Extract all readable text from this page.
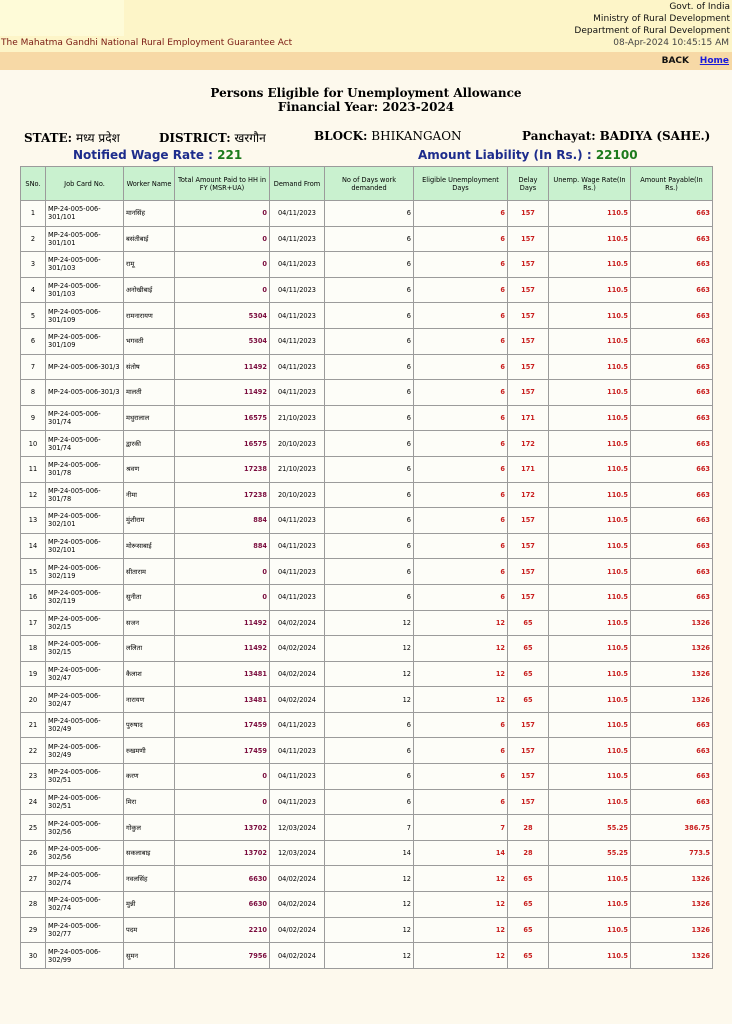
Govt. of India
Ministry of Rural Development
Department of Rural Development
The Mahatma Gandhi National Rural Employment Guarantee Act	08-Apr-2024 10:45:15 AM
BACK Home
Persons Eligible for Unemployment Allowance
Financial Year: 2023-2024
STATE: मध्य प्रदेश	DISTRICT: खरगौन	BLOCK: BHIKANGAON	Panchayat: BADIYA (SAHE.)
Notified Wage Rate : 221	Amount Liability (In Rs.) : 22100
SNo.	Job Card No.	Worker Name	Total Amount Paid to HH in FY (MSR+UA)	Demand From	No of Days work demanded	Eligible Unemployment Days	Delay Days	Unemp. Wage Rate(In Rs.)	Amount Payable(In Rs.)
1	MP-24-005-006-301/101	मानसिंह	0	04/11/2023	6	6	157	110.5	663
2	MP-24-005-006-301/101	बसंतीबाई	0	04/11/2023	6	6	157	110.5	663
3	MP-24-005-006-301/103	रामू	0	04/11/2023	6	6	157	110.5	663
4	MP-24-005-006-301/103	अनोखीबाई	0	04/11/2023	6	6	157	110.5	663
5	MP-24-005-006-301/109	रामनारायण	5304	04/11/2023	6	6	157	110.5	663
6	MP-24-005-006-301/109	भगवती	5304	04/11/2023	6	6	157	110.5	663
7	MP-24-005-006-301/3	संतोष	11492	04/11/2023	6	6	157	110.5	663
8	MP-24-005-006-301/3	मालती	11492	04/11/2023	6	6	157	110.5	663
9	MP-24-005-006-301/74	मथुरालाल	16575	21/10/2023	6	6	171	110.5	663
10	MP-24-005-006-301/74	द्वारकी	16575	20/10/2023	6	6	172	110.5	663
11	MP-24-005-006-301/78	श्रवण	17238	21/10/2023	6	6	171	110.5	663
12	MP-24-005-006-301/78	नीमा	17238	20/10/2023	6	6	172	110.5	663
13	MP-24-005-006-302/101	मुंशीराम	884	04/11/2023	6	6	157	110.5	663
14	MP-24-005-006-302/101	मोरूसाबाई	884	04/11/2023	6	6	157	110.5	663
15	MP-24-005-006-302/119	सीताराम	0	04/11/2023	6	6	157	110.5	663
16	MP-24-005-006-302/119	सुनीता	0	04/11/2023	6	6	157	110.5	663
17	MP-24-005-006-302/15	सजन	11492	04/02/2024	12	12	65	110.5	1326
18	MP-24-005-006-302/15	ललिता	11492	04/02/2024	12	12	65	110.5	1326
19	MP-24-005-006-302/47	कैलाश	13481	04/02/2024	12	12	65	110.5	1326
20	MP-24-005-006-302/47	नारायण	13481	04/02/2024	12	12	65	110.5	1326
21	MP-24-005-006-302/49	पुरुषाद	17459	04/11/2023	6	6	157	110.5	663
22	MP-24-005-006-302/49	रुखमणी	17459	04/11/2023	6	6	157	110.5	663
23	MP-24-005-006-302/51	करण	0	04/11/2023	6	6	157	110.5	663
24	MP-24-005-006-302/51	मिरा	0	04/11/2023	6	6	157	110.5	663
25	MP-24-005-006-302/56	गोकुल	13702	12/03/2024	7	7	28	55.25	386.75
26	MP-24-005-006-302/56	सकलाबाइ	13702	12/03/2024	14	14	28	55.25	773.5
27	MP-24-005-006-302/74	नवलसिंह	6630	04/02/2024	12	12	65	110.5	1326
28	MP-24-005-006-302/74	मुन्नी	6630	04/02/2024	12	12	65	110.5	1326
29	MP-24-005-006-302/77	पदम	2210	04/02/2024	12	12	65	110.5	1326
30	MP-24-005-006-302/99	सुमन	7956	04/02/2024	12	12	65	110.5	1326
